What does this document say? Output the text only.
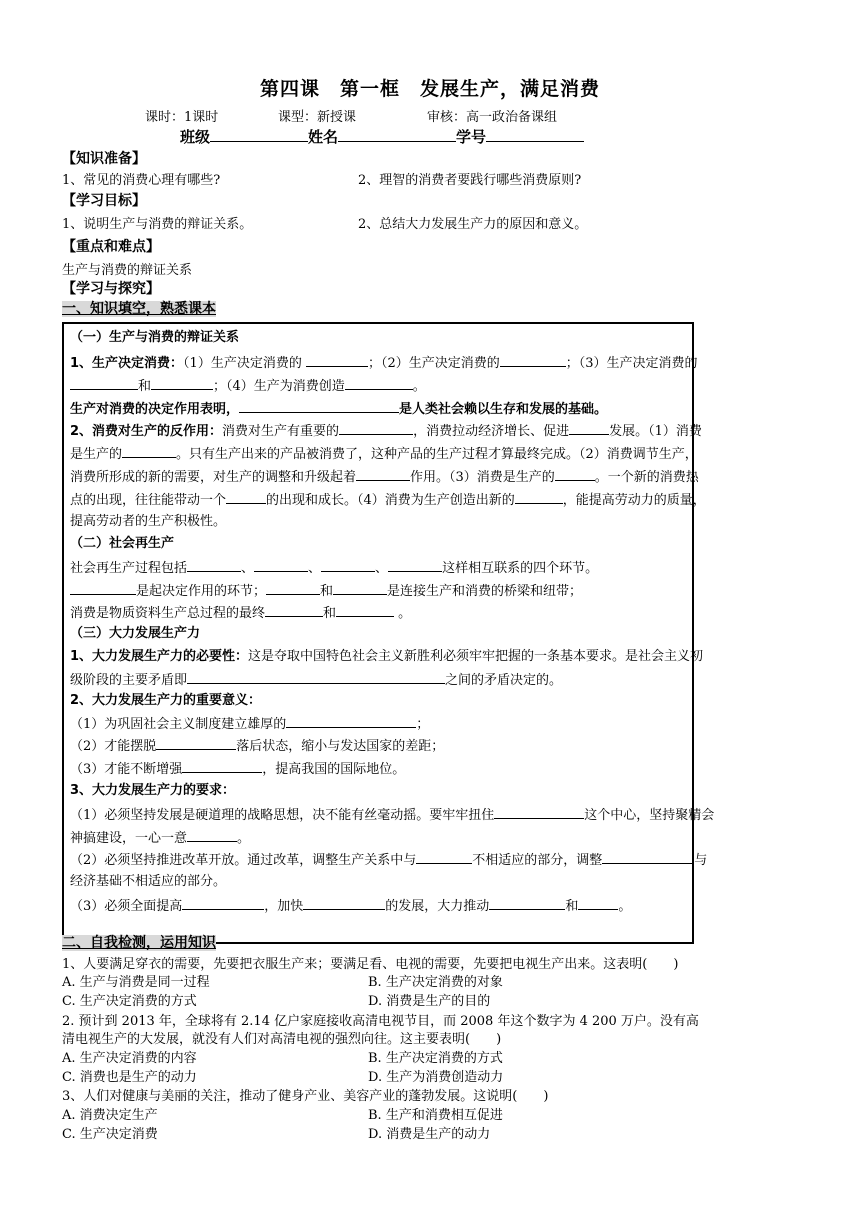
第四课　第一框　发展生产，满足消费
课时：1课时	课型：新授课	审核：高一政治备课组
班级	姓名	学号
【知识准备】
1、常见的消费心理有哪些?	2、理智的消费者要践行哪些消费原则?
【学习目标】
1、说明生产与消费的辩证关系。	2、总结大力发展生产力的原因和意义。
【重点和难点】
生产与消费的辩证关系
【学习与探究】
一、知识填空，熟悉课本
（一）生产与消费的辩证关系
1、生产决定消费：（1）生产决定消费的	；（2）生产决定消费的	；（3）生产决定消费的
和	；（4）生产为消费创造	。
生产对消费的决定作用表明，	是人类社会赖以生存和发展的基础。
2、消费对生产的反作用：消费对生产有重要的	，消费拉动经济增长、促进	发展。（1）消费
是生产的	。只有生产出来的产品被消费了，这种产品的生产过程才算最终完成。（2）消费调节生产，
消费所形成的新的需要，对生产的调整和升级起着	作用。（3）消费是生产的	。一个新的消费热
点的出现，往往能带动一个	的出现和成长。（4）消费为生产创造出新的	，能提高劳动力的质量，
提高劳动者的生产积极性。
（二）社会再生产
社会再生产过程包括	、	、	、	这样相互联系的四个环节。
是起决定作用的环节；	和	是连接生产和消费的桥梁和纽带；
消费是物质资料生产总过程的最终	和	。
（三）大力发展生产力
1、大力发展生产力的必要性：这是夺取中国特色社会主义新胜利必须牢牢把握的一条基本要求。是社会主义初
级阶段的主要矛盾即	之间的矛盾决定的。
2、大力发展生产力的重要意义：
（1）为巩固社会主义制度建立雄厚的	；
（2）才能摆脱	落后状态，缩小与发达国家的差距；
（3）才能不断增强	，提高我国的国际地位。
3、大力发展生产力的要求：
（1）必须坚持发展是硬道理的战略思想，决不能有丝毫动摇。要牢牢扭住	这个中心，坚持聚精会
神搞建设，一心一意	。
（2）必须坚持推进改革开放。通过改革，调整生产关系中与	不相适应的部分，调整	与
经济基础不相适应的部分。
（3）必须全面提高	，加快	的发展，大力推动	和	。
二、自我检测，运用知识
1、人要满足穿衣的需要，先要把衣服生产来；要满足看、电视的需要，先要把电视生产出来。这表明(　　)
A. 生产与消费是同一过程	B. 生产决定消费的对象
C. 生产决定消费的方式	D. 消费是生产的目的
2. 预计到 2013 年，全球将有 2.14 亿户家庭接收高清电视节目，而 2008 年这个数字为 4 200 万户。没有高
清电视生产的大发展，就没有人们对高清电视的强烈向往。这主要表明(　　)
A. 生产决定消费的内容	B. 生产决定消费的方式
C. 消费也是生产的动力	D. 生产为消费创造动力
3、人们对健康与美丽的关注，推动了健身产业、美容产业的蓬勃发展。这说明(　　)
A. 消费决定生产	B. 生产和消费相互促进
C. 生产决定消费	D. 消费是生产的动力
